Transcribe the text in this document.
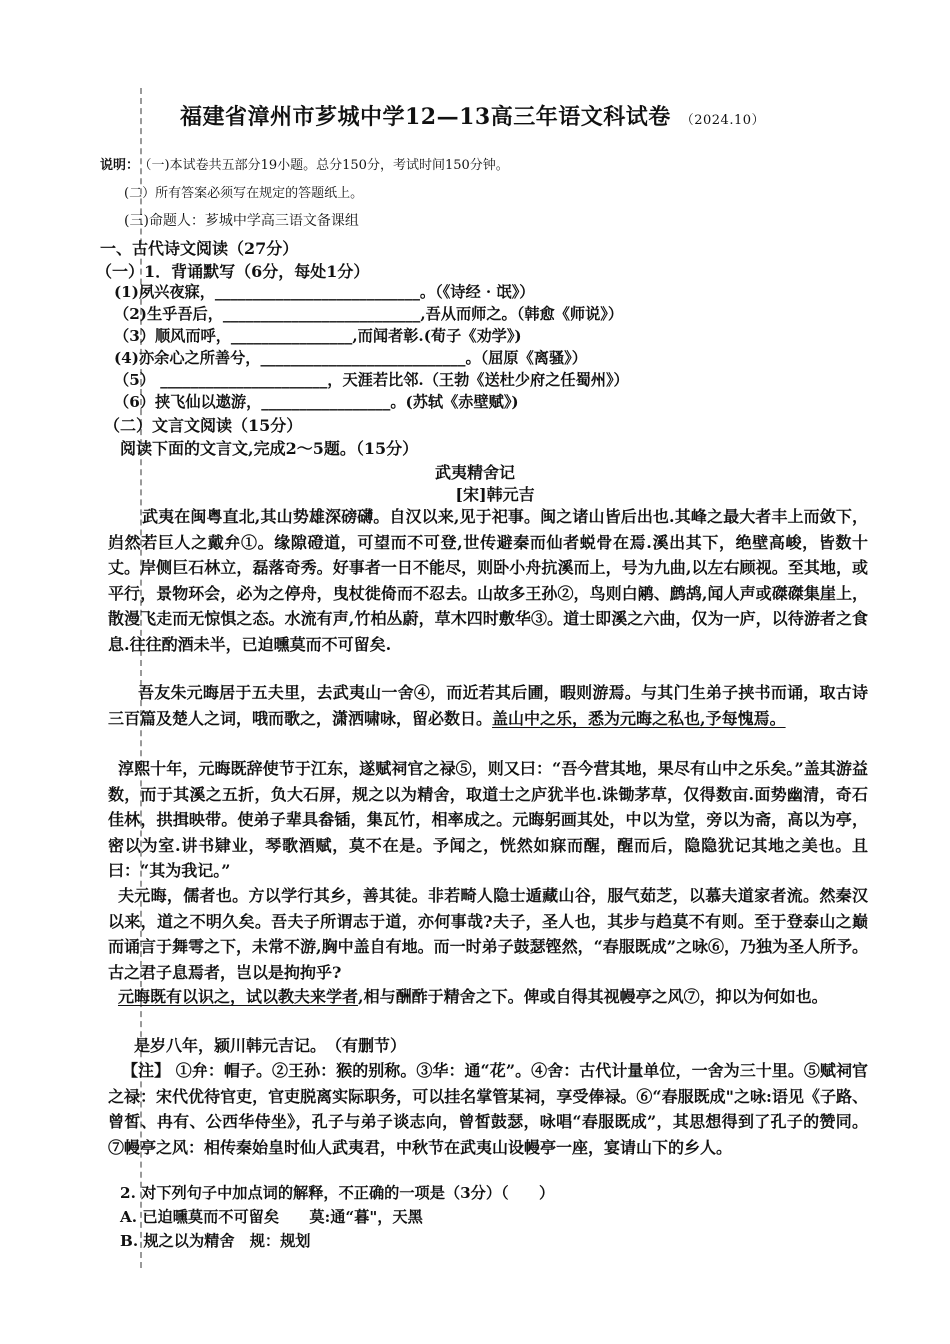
福建省漳州市芗城中学12—13高三年语文科试卷 （2024.10）
说明： （一)本试卷共五部分19小题。总分150分，考试时间150分钟。
(二）所有答案必须写在规定的答题纸上。
(三)命题人：芗城中学高三语文备课组
一、古代诗文阅读（27分）
（一）1．背诵默写（6分，每处1分）
(1)夙兴夜寐，___________________________。（《诗经 · 氓》）
（2)生乎吾后，__________________________,吾从而师之。（韩愈《师说》）
（3）顺风而呼，________________,而闻者彰.(荀子《劝学》)
(4)亦余心之所善兮，___________________________。（屈原《离骚》）
（5） ______________________，天涯若比邻.（王勃《送杜少府之任蜀州》）
（6）挟飞仙以遨游，_________________。(苏轼《赤壁赋》)
（二）文言文阅读（15分）
阅读下面的文言文,完成2～5题。（15分）
武夷精舍记
[宋]韩元吉
武夷在闽粤直北,其山势雄深磅礴。自汉以来,见于祀事。闽之诸山皆后出也.其峰之最大者丰上而敛下，岿然若巨人之戴弁①。缘隙磴道，可望而不可登,世传避秦而仙者蜕骨在焉.溪出其下，绝壁高峻，皆数十丈。岸侧巨石林立，磊落奇秀。好事者一日不能尽，则卧小舟抗溪而上，号为九曲,以左右顾视。至其地，或平行，景物环会，必为之停舟，曳杖徙倚而不忍去。山故多王孙②，鸟则白鹇、鹧鸪,闻人声或磔磔集崖上，散漫飞走而无惊惧之态。水流有声,竹柏丛蔚，草木四时敷华③。道士即溪之六曲，仅为一庐，以待游者之食息.往往酌酒未半，已迫曛莫而不可留矣.
吾友朱元晦居于五夫里，去武夷山一舍④，而近若其后圃，暇则游焉。与其门生弟子挟书而诵，取古诗三百篇及楚人之词，哦而歌之，潇洒啸咏，留必数日。盖山中之乐，悉为元晦之私也,予每愧焉。
淳熙十年，元晦既辞使节于江东，遂赋祠官之禄⑤，则又曰：“吾今营其地，果尽有山中之乐矣。”盖其游益数，而于其溪之五折，负大石屏，规之以为精舍，取道士之庐犹半也.诛锄茅草，仅得数亩.面势幽清，奇石佳林，拱揖映带。使弟子辈具畚锸，集瓦竹，相率成之。元晦躬画其处，中以为堂，旁以为斋，高以为亭，密以为室.讲书肄业，琴歌酒赋，莫不在是。予闻之，恍然如寐而醒，醒而后，隐隐犹记其地之美也。且曰：“其为我记。”
夫元晦，儒者也。方以学行其乡，善其徒。非若畸人隐士遁藏山谷，服气茹芝，以慕夫道家者流。然秦汉以来，道之不明久矣。吾夫子所谓志于道，亦何事哉?夫子，圣人也，其步与趋莫不有则。至于登泰山之巅而诵言于舞雩之下，未常不游,胸中盖自有地。而一时弟子鼓瑟铿然，“春服既成”之咏⑥，乃独为圣人所予。古之君子息焉者，岂以是拘拘乎?
元晦既有以识之，试以教夫来学者,相与酬酢于精舍之下。俾或自得其视幔亭之风⑦，抑以为何如也。
是岁八年，颍川韩元吉记。　（有删节）
【注】 ①弁：帽子。②王孙：猴的别称。③华：通“花”。④舍：古代计量单位，一舍为三十里。⑤赋祠官之禄：宋代优待官吏，官吏脱离实际职务，可以挂名掌管某祠，享受俸禄。⑥“春服既成"之咏:语见《子路、曾皙、冉有、公西华侍坐》，孔子与弟子谈志向，曾皙鼓瑟，咏唱“春服既成”，其思想得到了孔子的赞同。⑦幔亭之风：相传秦始皇时仙人武夷君，中秋节在武夷山设幔亭一座，宴请山下的乡人。
2. 对下列句子中加点词的解释，不正确的一项是（3分）（　　）
A. 已迫曛莫而不可留矣　　莫:通“暮"，天黑
B. 规之以为精舍　规：规划
